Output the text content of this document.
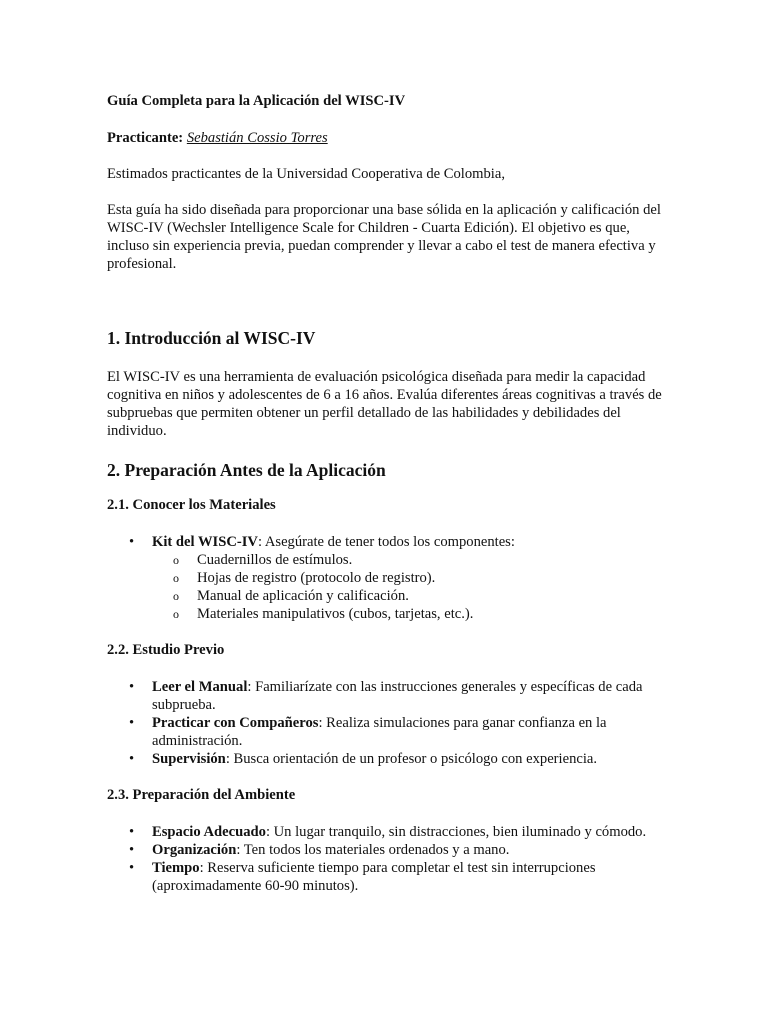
Guía Completa para la Aplicación del WISC-IV

Practicante: Sebastián Cossio Torres

Estimados practicantes de la Universidad Cooperativa de Colombia,

Esta guía ha sido diseñada para proporcionar una base sólida en la aplicación y calificación del WISC-IV (Wechsler Intelligence Scale for Children - Cuarta Edición). El objetivo es que, incluso sin experiencia previa, puedan comprender y llevar a cabo el test de manera efectiva y profesional.

1. Introducción al WISC-IV

El WISC-IV es una herramienta de evaluación psicológica diseñada para medir la capacidad cognitiva en niños y adolescentes de 6 a 16 años. Evalúa diferentes áreas cognitivas a través de subpruebas que permiten obtener un perfil detallado de las habilidades y debilidades del individuo.

2. Preparación Antes de la Aplicación
2.1. Conocer los Materiales
• Kit del WISC-IV: Asegúrate de tener todos los componentes:
o Cuadernillos de estímulos.
o Hojas de registro (protocolo de registro).
o Manual de aplicación y calificación.
o Materiales manipulativos (cubos, tarjetas, etc.).
2.2. Estudio Previo
• Leer el Manual: Familiarízate con las instrucciones generales y específicas de cada subprueba.
• Practicar con Compañeros: Realiza simulaciones para ganar confianza en la administración.
• Supervisión: Busca orientación de un profesor o psicólogo con experiencia.
2.3. Preparación del Ambiente
• Espacio Adecuado: Un lugar tranquilo, sin distracciones, bien iluminado y cómodo.
• Organización: Ten todos los materiales ordenados y a mano.
• Tiempo: Reserva suficiente tiempo para completar el test sin interrupciones (aproximadamente 60-90 minutos).
